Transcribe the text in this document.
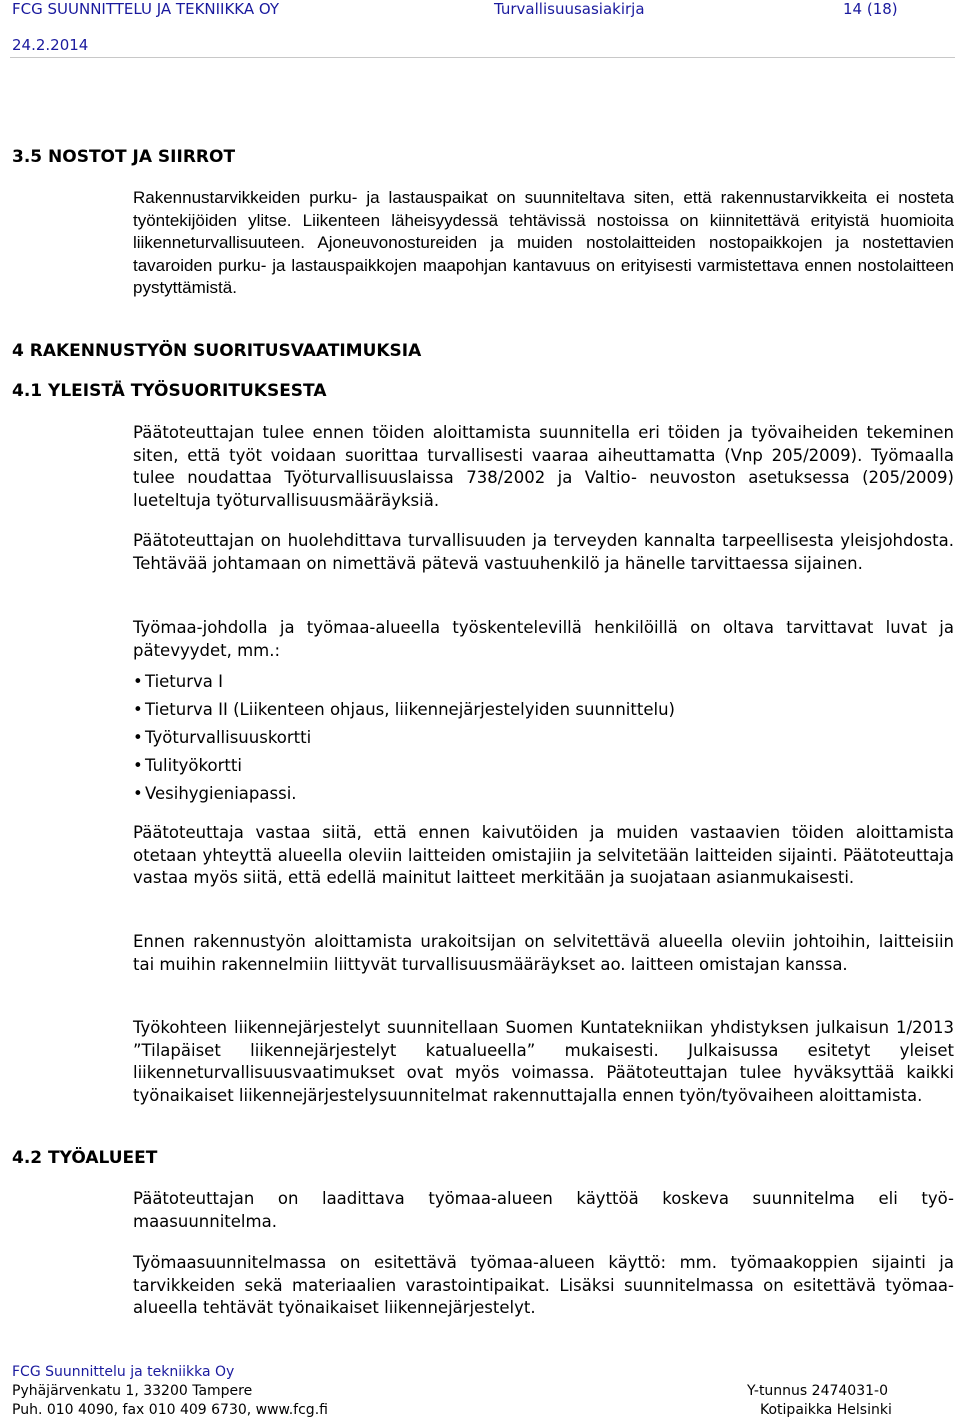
FCG SUUNNITTELU JA TEKNIIKKA OY	Turvallisuusasiakirja	14 (18)
24.2.2014
3.5 NOSTOT JA SIIRROT
Rakennustarvikkeiden purku- ja lastauspaikat on suunniteltava siten, että rakennustarvikkeita ei nosteta työntekijöiden ylitse. Liikenteen läheisyydessä tehtävissä nostoissa on kiinnitettävä erityistä huomioita liikenneturvallisuuteen. Ajoneuvonostureiden ja muiden nostolaitteiden nostopaikkojen ja nostettavien tavaroiden purku- ja lastauspaikkojen maapohjan kantavuus on erityisesti varmistettava ennen nostolaitteen pystyttämistä.
4 RAKENNUSTYÖN SUORITUSVAATIMUKSIA
4.1 YLEISTÄ TYÖSUORITUKSESTA
Päätoteuttajan tulee ennen töiden aloittamista suunnitella eri töiden ja työvaiheiden tekeminen siten, että työt voidaan suorittaa turvallisesti vaaraa aiheuttamatta (Vnp 205/2009). Työmaalla tulee noudattaa Työturvallisuuslaissa 738/2002 ja Valtio- neuvoston asetuksessa (205/2009) lueteltuja työturvallisuusmääräyksiä.
Päätoteuttajan on huolehdittava turvallisuuden ja terveyden kannalta tarpeellisesta yleisjohdosta. Tehtävää johtamaan on nimettävä pätevä vastuuhenkilö ja hänelle tarvittaessa sijainen.
Työmaa-johdolla ja työmaa-alueella työskentelevillä henkilöillä on oltava tarvittavat luvat ja pätevyydet, mm.:
• Tieturva I
• Tieturva II (Liikenteen ohjaus, liikennejärjestelyiden suunnittelu)
• Työturvallisuuskortti
• Tulityökortti
• Vesihygieniapassi.
Päätoteuttaja vastaa siitä, että ennen kaivutöiden ja muiden vastaavien töiden aloittamista otetaan yhteyttä alueella oleviin laitteiden omistajiin ja selvitetään laitteiden sijainti. Päätoteuttaja vastaa myös siitä, että edellä mainitut laitteet merkitään ja suojataan asianmukaisesti.
Ennen rakennustyön aloittamista urakoitsijan on selvitettävä alueella oleviin johtoihin, laitteisiin tai muihin rakennelmiin liittyvät turvallisuusmääräykset ao. laitteen omistajan kanssa.
Työkohteen liikennejärjestelyt suunnitellaan Suomen Kuntatekniikan yhdistyksen julkaisun 1/2013 ”Tilapäiset liikennejärjestelyt katualueella” mukaisesti. Julkaisussa esitetyt yleiset liikenneturvallisuusvaatimukset ovat myös voimassa. Päätoteuttajan tulee hyväksyttää kaikki työnaikaiset liikennejärjestelysuunnitelmat rakennuttajalla ennen työn/työvaiheen aloittamista.
4.2 TYÖALUEET
Päätoteuttajan on laadittava työmaa-alueen käyttöä koskeva suunnitelma eli työ- maasuunnitelma.
Työmaasuunnitelmassa on esitettävä työmaa-alueen käyttö: mm. työmaakoppien sijainti ja tarvikkeiden sekä materiaalien varastointipaikat. Lisäksi suunnitelmassa on esitettävä työmaa-alueella tehtävät työnaikaiset liikennejärjestelyt.
FCG Suunnittelu ja tekniikka Oy
Pyhäjärvenkatu 1, 33200 Tampere
Puh. 010 4090, fax 010 409 6730, www.fcg.fi
Y-tunnus 2474031-0
Kotipaikka Helsinki
